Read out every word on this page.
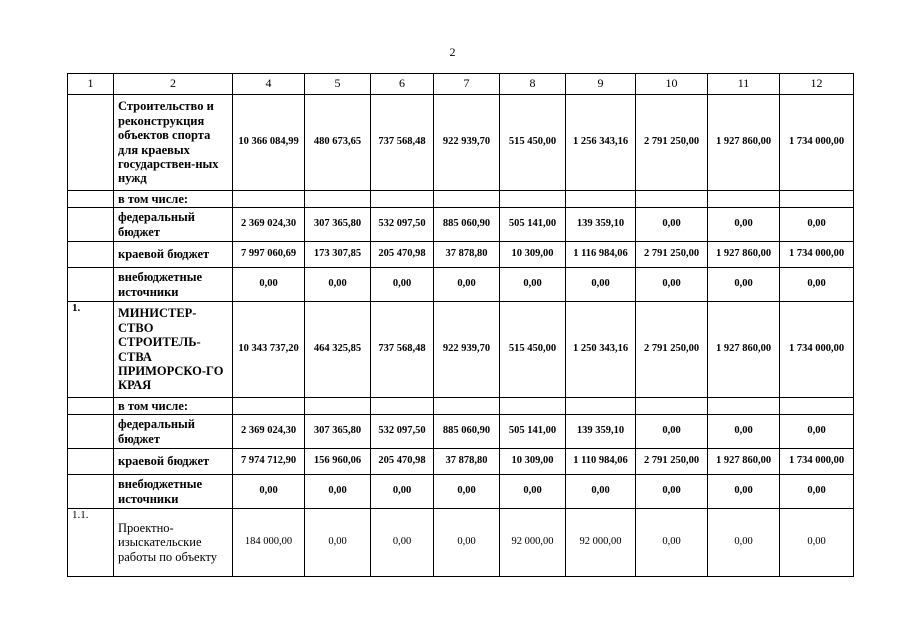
2
1	2	4	5	6	7	8	9	10	11	12
	Строительство и реконструкция объектов спорта для краевых государствен-ных нужд	10 366 084,99	480 673,65	737 568,48	922 939,70	515 450,00	1 256 343,16	2 791 250,00	1 927 860,00	1 734 000,00
	в том числе:									
	федеральный бюджет	2 369 024,30	307 365,80	532 097,50	885 060,90	505 141,00	139 359,10	0,00	0,00	0,00
	краевой бюджет	7 997 060,69	173 307,85	205 470,98	37 878,80	10 309,00	1 116 984,06	2 791 250,00	1 927 860,00	1 734 000,00
	внебюджетные источники	0,00	0,00	0,00	0,00	0,00	0,00	0,00	0,00	0,00
1.	МИНИСТЕР-СТВО СТРОИТЕЛЬ-СТВА ПРИМОРСКО-ГО КРАЯ	10 343 737,20	464 325,85	737 568,48	922 939,70	515 450,00	1 250 343,16	2 791 250,00	1 927 860,00	1 734 000,00
	в том числе:									
	федеральный бюджет	2 369 024,30	307 365,80	532 097,50	885 060,90	505 141,00	139 359,10	0,00	0,00	0,00
	краевой бюджет	7 974 712,90	156 960,06	205 470,98	37 878,80	10 309,00	1 110 984,06	2 791 250,00	1 927 860,00	1 734 000,00
	внебюджетные источники	0,00	0,00	0,00	0,00	0,00	0,00	0,00	0,00	0,00
1.1.	Проектно-изыскательские работы по объекту	184 000,00	0,00	0,00	0,00	92 000,00	92 000,00	0,00	0,00	0,00
